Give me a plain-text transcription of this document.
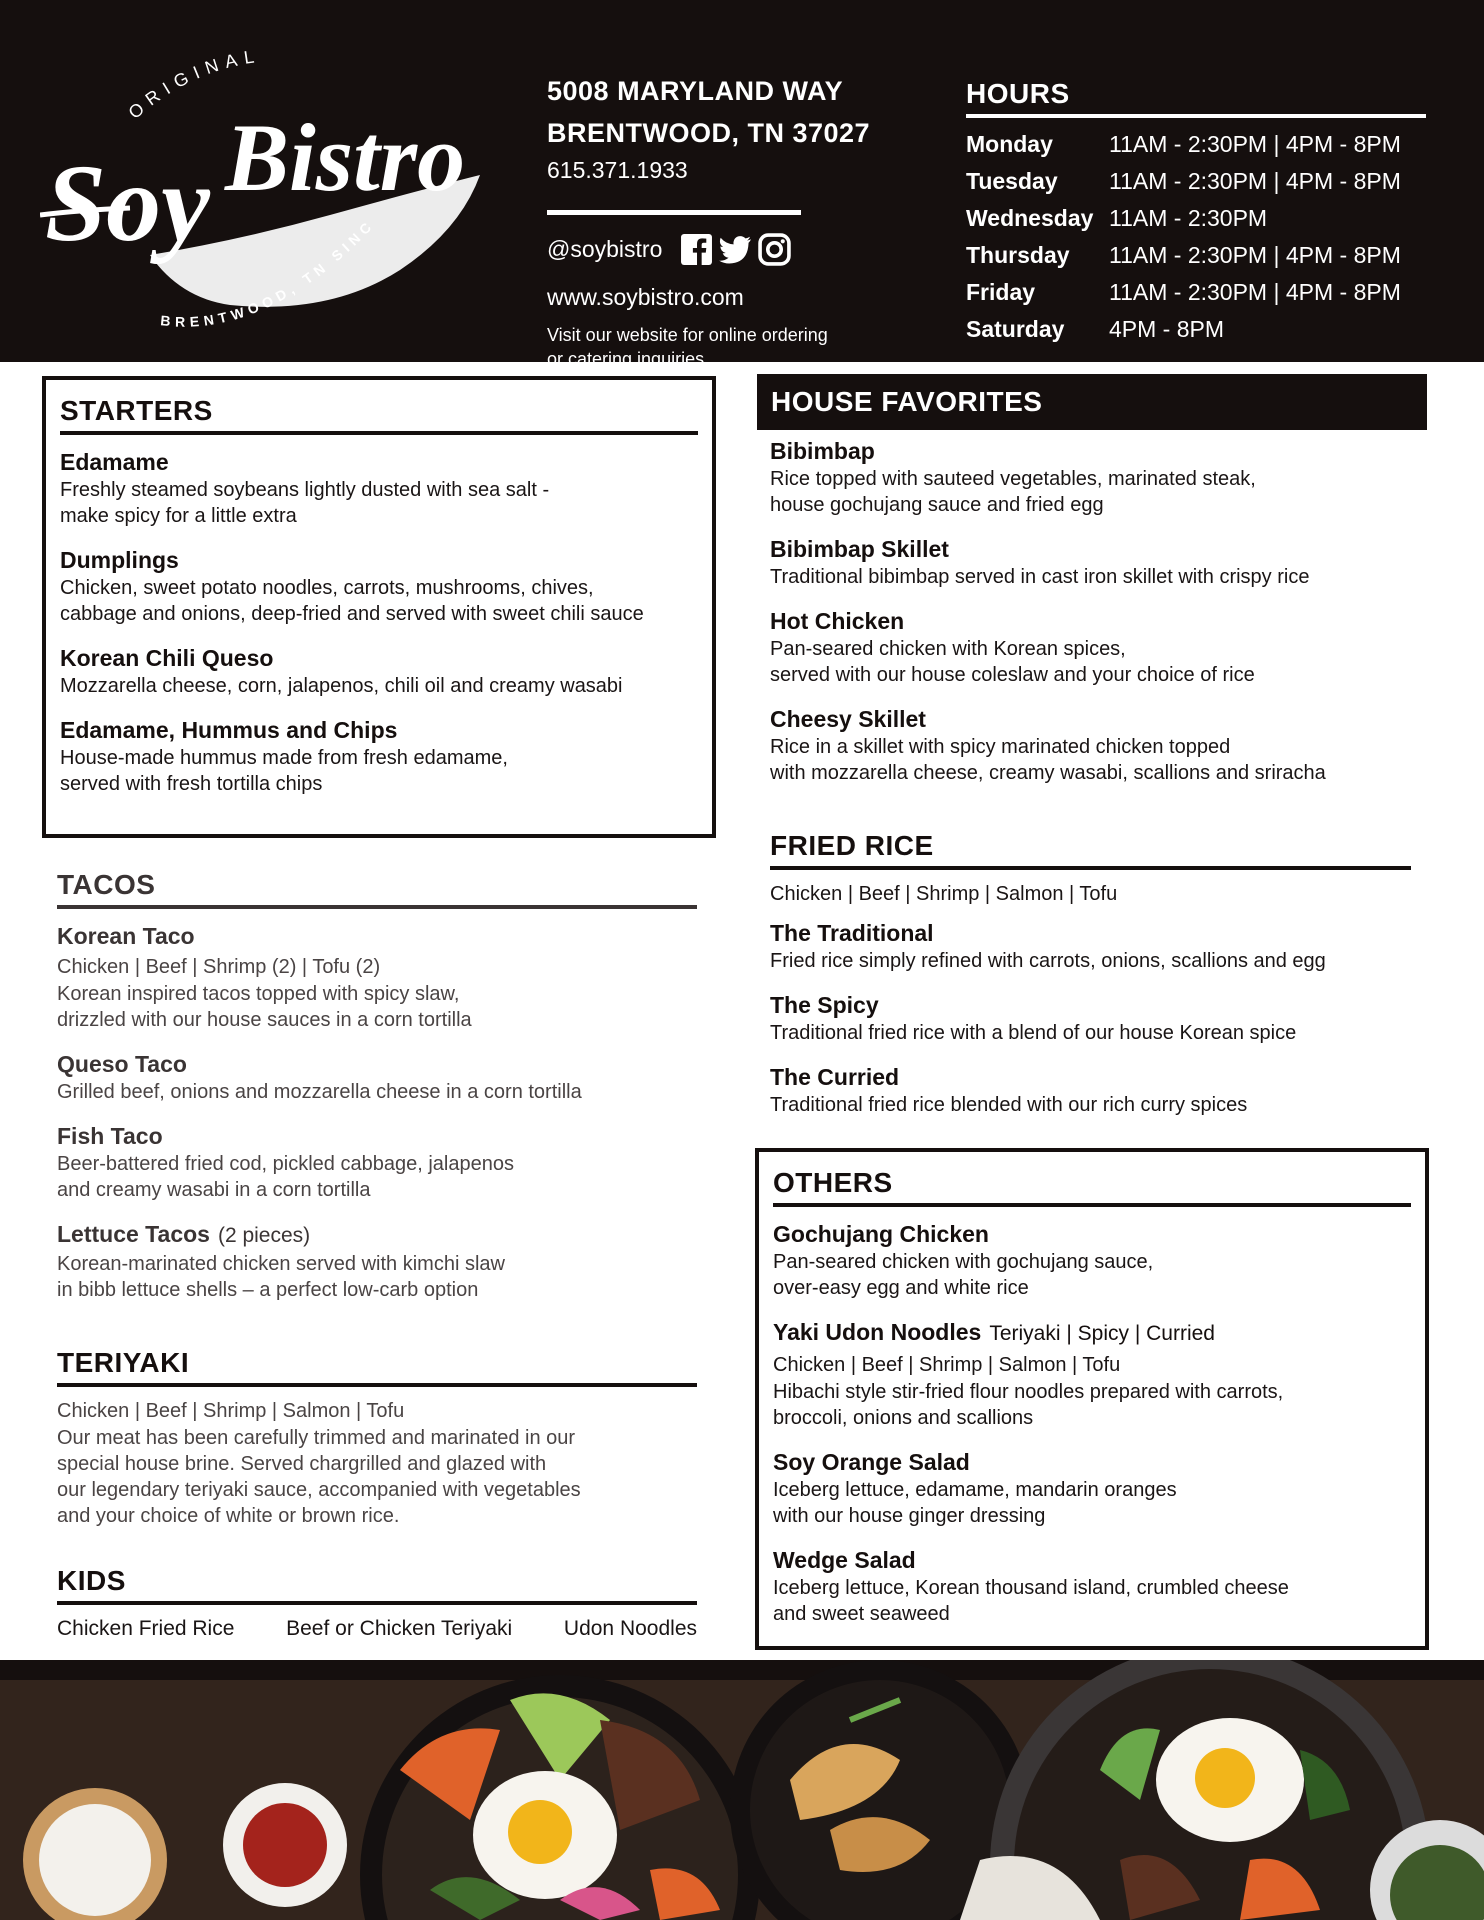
ORIGINAL
Soy Bistro
BRENTWOOD, TN SINC
5008 MARYLAND WAY
BRENTWOOD, TN 37027
615.371.1933
@soybistro
www.soybistro.com
Visit our website for online ordering or catering inquiries
HOURS
Monday	11AM - 2:30PM | 4PM - 8PM
Tuesday	11AM - 2:30PM | 4PM - 8PM
Wednesday 11AM - 2:30PM
Thursday	11AM - 2:30PM | 4PM - 8PM
Friday	11AM - 2:30PM | 4PM - 8PM
Saturday	4PM - 8PM
STARTERS
Edamame
Freshly steamed soybeans lightly dusted with sea salt -
make spicy for a little extra
Dumplings
Chicken, sweet potato noodles, carrots, mushrooms, chives,
cabbage and onions, deep-fried and served with sweet chili sauce
Korean Chili Queso
Mozzarella cheese, corn, jalapenos, chili oil and creamy wasabi
Edamame, Hummus and Chips
House-made hummus made from fresh edamame,
served with fresh tortilla chips
TACOS
Korean Taco
Chicken | Beef | Shrimp (2) | Tofu (2)
Korean inspired tacos topped with spicy slaw,
drizzled with our house sauces in a corn tortilla
Queso Taco
Grilled beef, onions and mozzarella cheese in a corn tortilla
Fish Taco
Beer-battered fried cod, pickled cabbage, jalapenos
and creamy wasabi in a corn tortilla
Lettuce Tacos (2 pieces)
Korean-marinated chicken served with kimchi slaw
in bibb lettuce shells – a perfect low-carb option
TERIYAKI
Chicken | Beef | Shrimp | Salmon | Tofu
Our meat has been carefully trimmed and marinated in our
special house brine. Served chargrilled and glazed with
our legendary teriyaki sauce, accompanied with vegetables
and your choice of white or brown rice.
KIDS
Chicken Fried Rice Beef or Chicken Teriyaki Udon Noodles
HOUSE FAVORITES
Bibimbap
Rice topped with sauteed vegetables, marinated steak,
house gochujang sauce and fried egg
Bibimbap Skillet
Traditional bibimbap served in cast iron skillet with crispy rice
Hot Chicken
Pan-seared chicken with Korean spices,
served with our house coleslaw and your choice of rice
Cheesy Skillet
Rice in a skillet with spicy marinated chicken topped
with mozzarella cheese, creamy wasabi, scallions and sriracha
FRIED RICE
Chicken | Beef | Shrimp | Salmon | Tofu
The Traditional
Fried rice simply refined with carrots, onions, scallions and egg
The Spicy
Traditional fried rice with a blend of our house Korean spice
The Curried
Traditional fried rice blended with our rich curry spices
OTHERS
Gochujang Chicken
Pan-seared chicken with gochujang sauce,
over-easy egg and white rice
Yaki Udon Noodles Teriyaki | Spicy | Curried
Chicken | Beef | Shrimp | Salmon | Tofu
Hibachi style stir-fried flour noodles prepared with carrots,
broccoli, onions and scallions
Soy Orange Salad
Iceberg lettuce, edamame, mandarin oranges
with our house ginger dressing
Wedge Salad
Iceberg lettuce, Korean thousand island, crumbled cheese
and sweet seaweed
